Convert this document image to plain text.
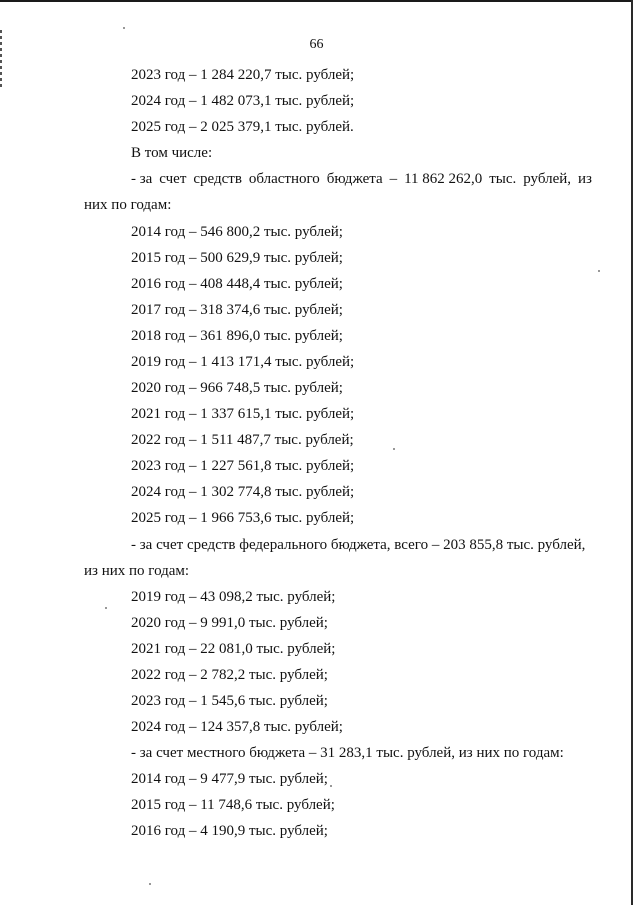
66
2023 год – 1 284 220,7 тыс. рублей;
2024 год – 1 482 073,1 тыс. рублей;
2025 год – 2 025 379,1 тыс. рублей.
В том числе:
- за счет средств областного бюджета – 11 862 262,0 тыс. рублей, из
них по годам:
2014 год – 546 800,2 тыс. рублей;
2015 год – 500 629,9 тыс. рублей;
2016 год – 408 448,4 тыс. рублей;
2017 год – 318 374,6 тыс. рублей;
2018 год – 361 896,0 тыс. рублей;
2019 год – 1 413 171,4 тыс. рублей;
2020 год – 966 748,5 тыс. рублей;
2021 год – 1 337 615,1 тыс. рублей;
2022 год – 1 511 487,7 тыс. рублей;
2023 год – 1 227 561,8 тыс. рублей;
2024 год – 1 302 774,8 тыс. рублей;
2025 год – 1 966 753,6 тыс. рублей;
- за счет средств федерального бюджета, всего – 203 855,8 тыс. рублей,
из них по годам:
2019 год – 43 098,2 тыс. рублей;
2020 год – 9 991,0 тыс. рублей;
2021 год – 22 081,0 тыс. рублей;
2022 год – 2 782,2 тыс. рублей;
2023 год – 1 545,6 тыс. рублей;
2024 год – 124 357,8 тыс. рублей;
- за счет местного бюджета – 31 283,1 тыс. рублей, из них по годам:
2014 год – 9 477,9 тыс. рублей;
2015 год – 11 748,6 тыс. рублей;
2016 год – 4 190,9 тыс. рублей;
